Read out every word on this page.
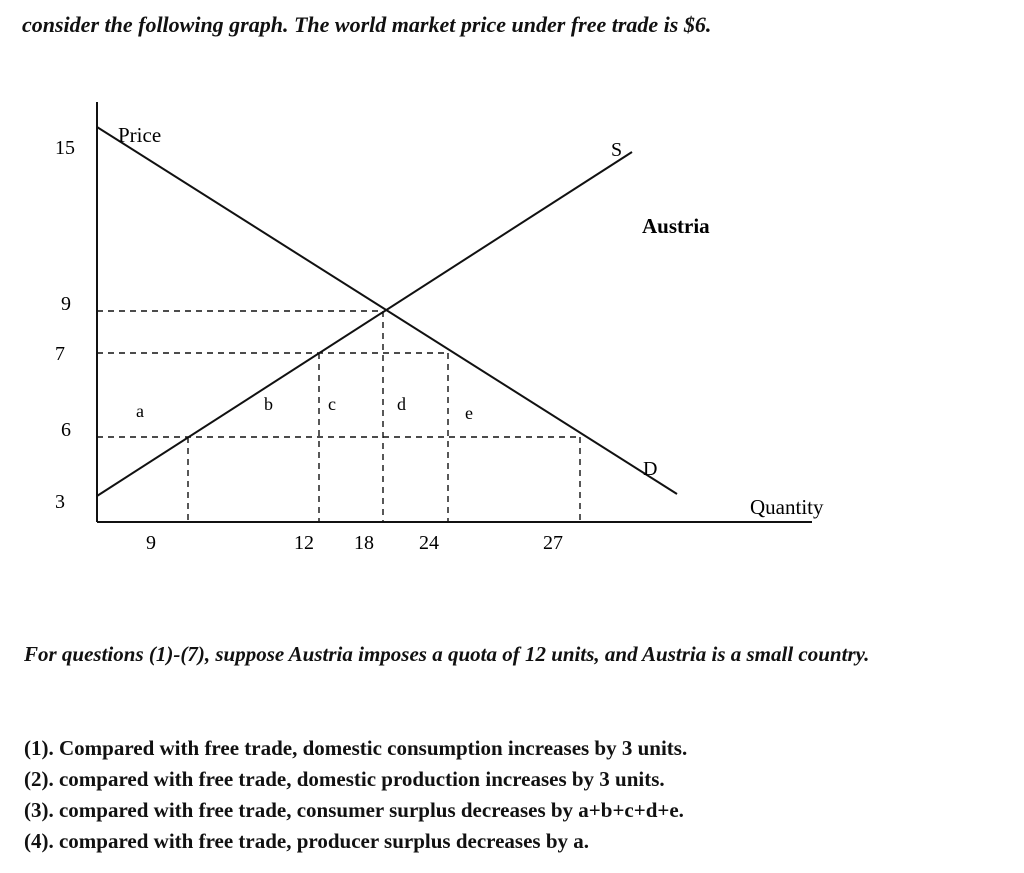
consider the following graph. The world market price under free trade is $6.

Price
Quantity
S
D
Austria
15
9
7
6
3
9	12 18 24	27
a	b	c	d	e

For questions (1)-(7), suppose Austria imposes a quota of 12 units, and Austria is a small country.

(1). Compared with free trade, domestic consumption increases by 3 units.
(2). compared with free trade, domestic production increases by 3 units.
(3). compared with free trade, consumer surplus decreases by a+b+c+d+e.
(4). compared with free trade, producer surplus decreases by a.
